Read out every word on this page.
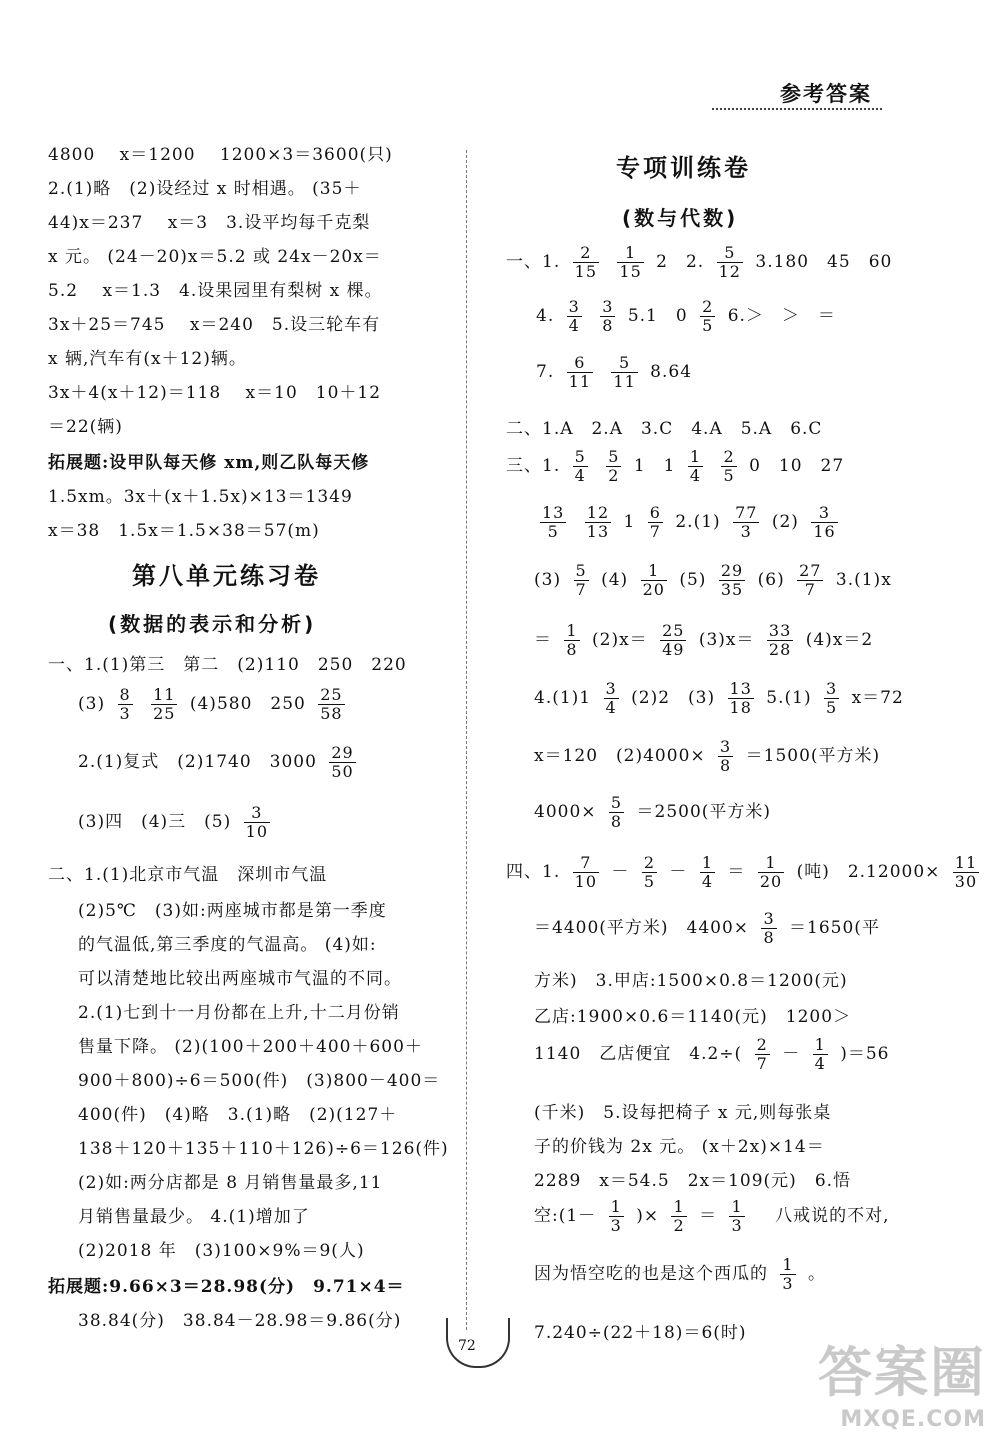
参考答案
4800　 x＝1200　 1200×3＝3600(只)
2.(1)略　(2)设经过 x 时相遇。 (35＋
44)x＝237　 x＝3　3.设平均每千克梨
x 元。 (24－20)x＝5.2 或 24x－20x＝
5.2　 x＝1.3　4.设果园里有梨树 x 棵。
3x＋25＝745　 x＝240　5.设三轮车有
x 辆,汽车有(x＋12)辆。
3x＋4(x＋12)＝118　 x＝10　10＋12
＝22(辆)
拓展题:设甲队每天修 xm,则乙队每天修
1.5xm。3x＋(x＋1.5x)×13＝1349
x＝38　1.5x＝1.5×38＝57(m)
第八单元练习卷
(数据的表示和分析)
一、1.(1)第三　第二　(2)110　250　220
$(3) \frac{8}{3}$
$\frac{11}{25} (4)580$　$250 \frac{25}{58}$
2.(1)复式　(2)1740　$3000 \frac{29}{50}$
(3)四　(4)三　$(5) \frac{3}{10}$
二、1.(1)北京市气温　深圳市气温
(2)5℃　(3)如:两座城市都是第一季度
的气温低,第三季度的气温高。 (4)如:
可以清楚地比较出两座城市气温的不同。
2.(1)七到十一月份都在上升,十二月份销
售量下降。 (2)(100＋200＋400＋600＋
900＋800)÷6＝500(件)　(3)800－400＝
400(件)　(4)略　3.(1)略　(2)(127＋
138＋120＋135＋110＋126)÷6＝126(件)
(2)如:两分店都是 8 月销售量最多,11
月销售量最少。 4.(1)增加了
(2)2018 年　(3)100×9%＝9(人)
拓展题:9.66×3＝28.98(分)　9.71×4＝
38.84(分)　38.84－28.98＝9.86(分)
专项训练卷
(数与代数)
一、1. $\frac{2}{15}$
$\frac{1}{15} 2$　2. $\frac{5}{12} 3.180$　45　60
4. $\frac{3}{4}$
$\frac{3}{8} 5.1$　$0 \frac{2}{5} 6.>$　＞　＝
7. $\frac{6}{11}$
$\frac{5}{11} 8.64$
二、1.A　2.A　3.C　4.A　5.A　6.C
三、1. $\frac{5}{4}$
$\frac{5}{2} 1$　$1 \frac{1}{4}$
$\frac{2}{5} 0$　10　27
$\frac{13}{5}$
$\frac{12}{13} 1 \frac{6}{7} 2.(1) \frac{77}{3} (2) \frac{3}{16}$
$(3) \frac{5}{7} (4) \frac{1}{20} (5) \frac{29}{35} (6) \frac{27}{7} 3.(1)x$
＝ $\frac{1}{8} (2)x= \frac{25}{49} (3)x= \frac{33}{28} (4)x=2$
$4.(1)1 \frac{3}{4} (2)2$　$(3) \frac{13}{18} 5.(1) \frac{3}{5} x=72$
x＝120　$(2)4000\times \frac{3}{8} =1500$(平方米)
$4000\times \frac{5}{8} =2500$(平方米)
四、1. $\frac{7}{10} - \frac{2}{5} - \frac{1}{4} = \frac{1}{20}$ (吨)　$2.12000\times \frac{11}{30}$
＝4400(平方米)　$4400\times \frac{3}{8} =1650$(平
方米)　3.甲店:1500×0.8＝1200(元)
乙店:1900×0.6＝1140(元)　1200＞
1140　乙店便宜　$4.2\div( \frac{2}{7} - \frac{1}{4} )=56$
(千米)　5.设每把椅子 x 元,则每张桌
子的价钱为 2x 元。 (x＋2x)×14＝
2289　x＝54.5　2x＝109(元)　6.悟
空:(1－ $\frac{1}{3}$ )× $\frac{1}{2} = \frac{1}{3}$ 　八戒说的不对,
因为悟空吃的也是这个西瓜的 $\frac{1}{3}$ 。
7.240÷(22＋18)＝6(时)
72	答案圈
MXQE.COM
